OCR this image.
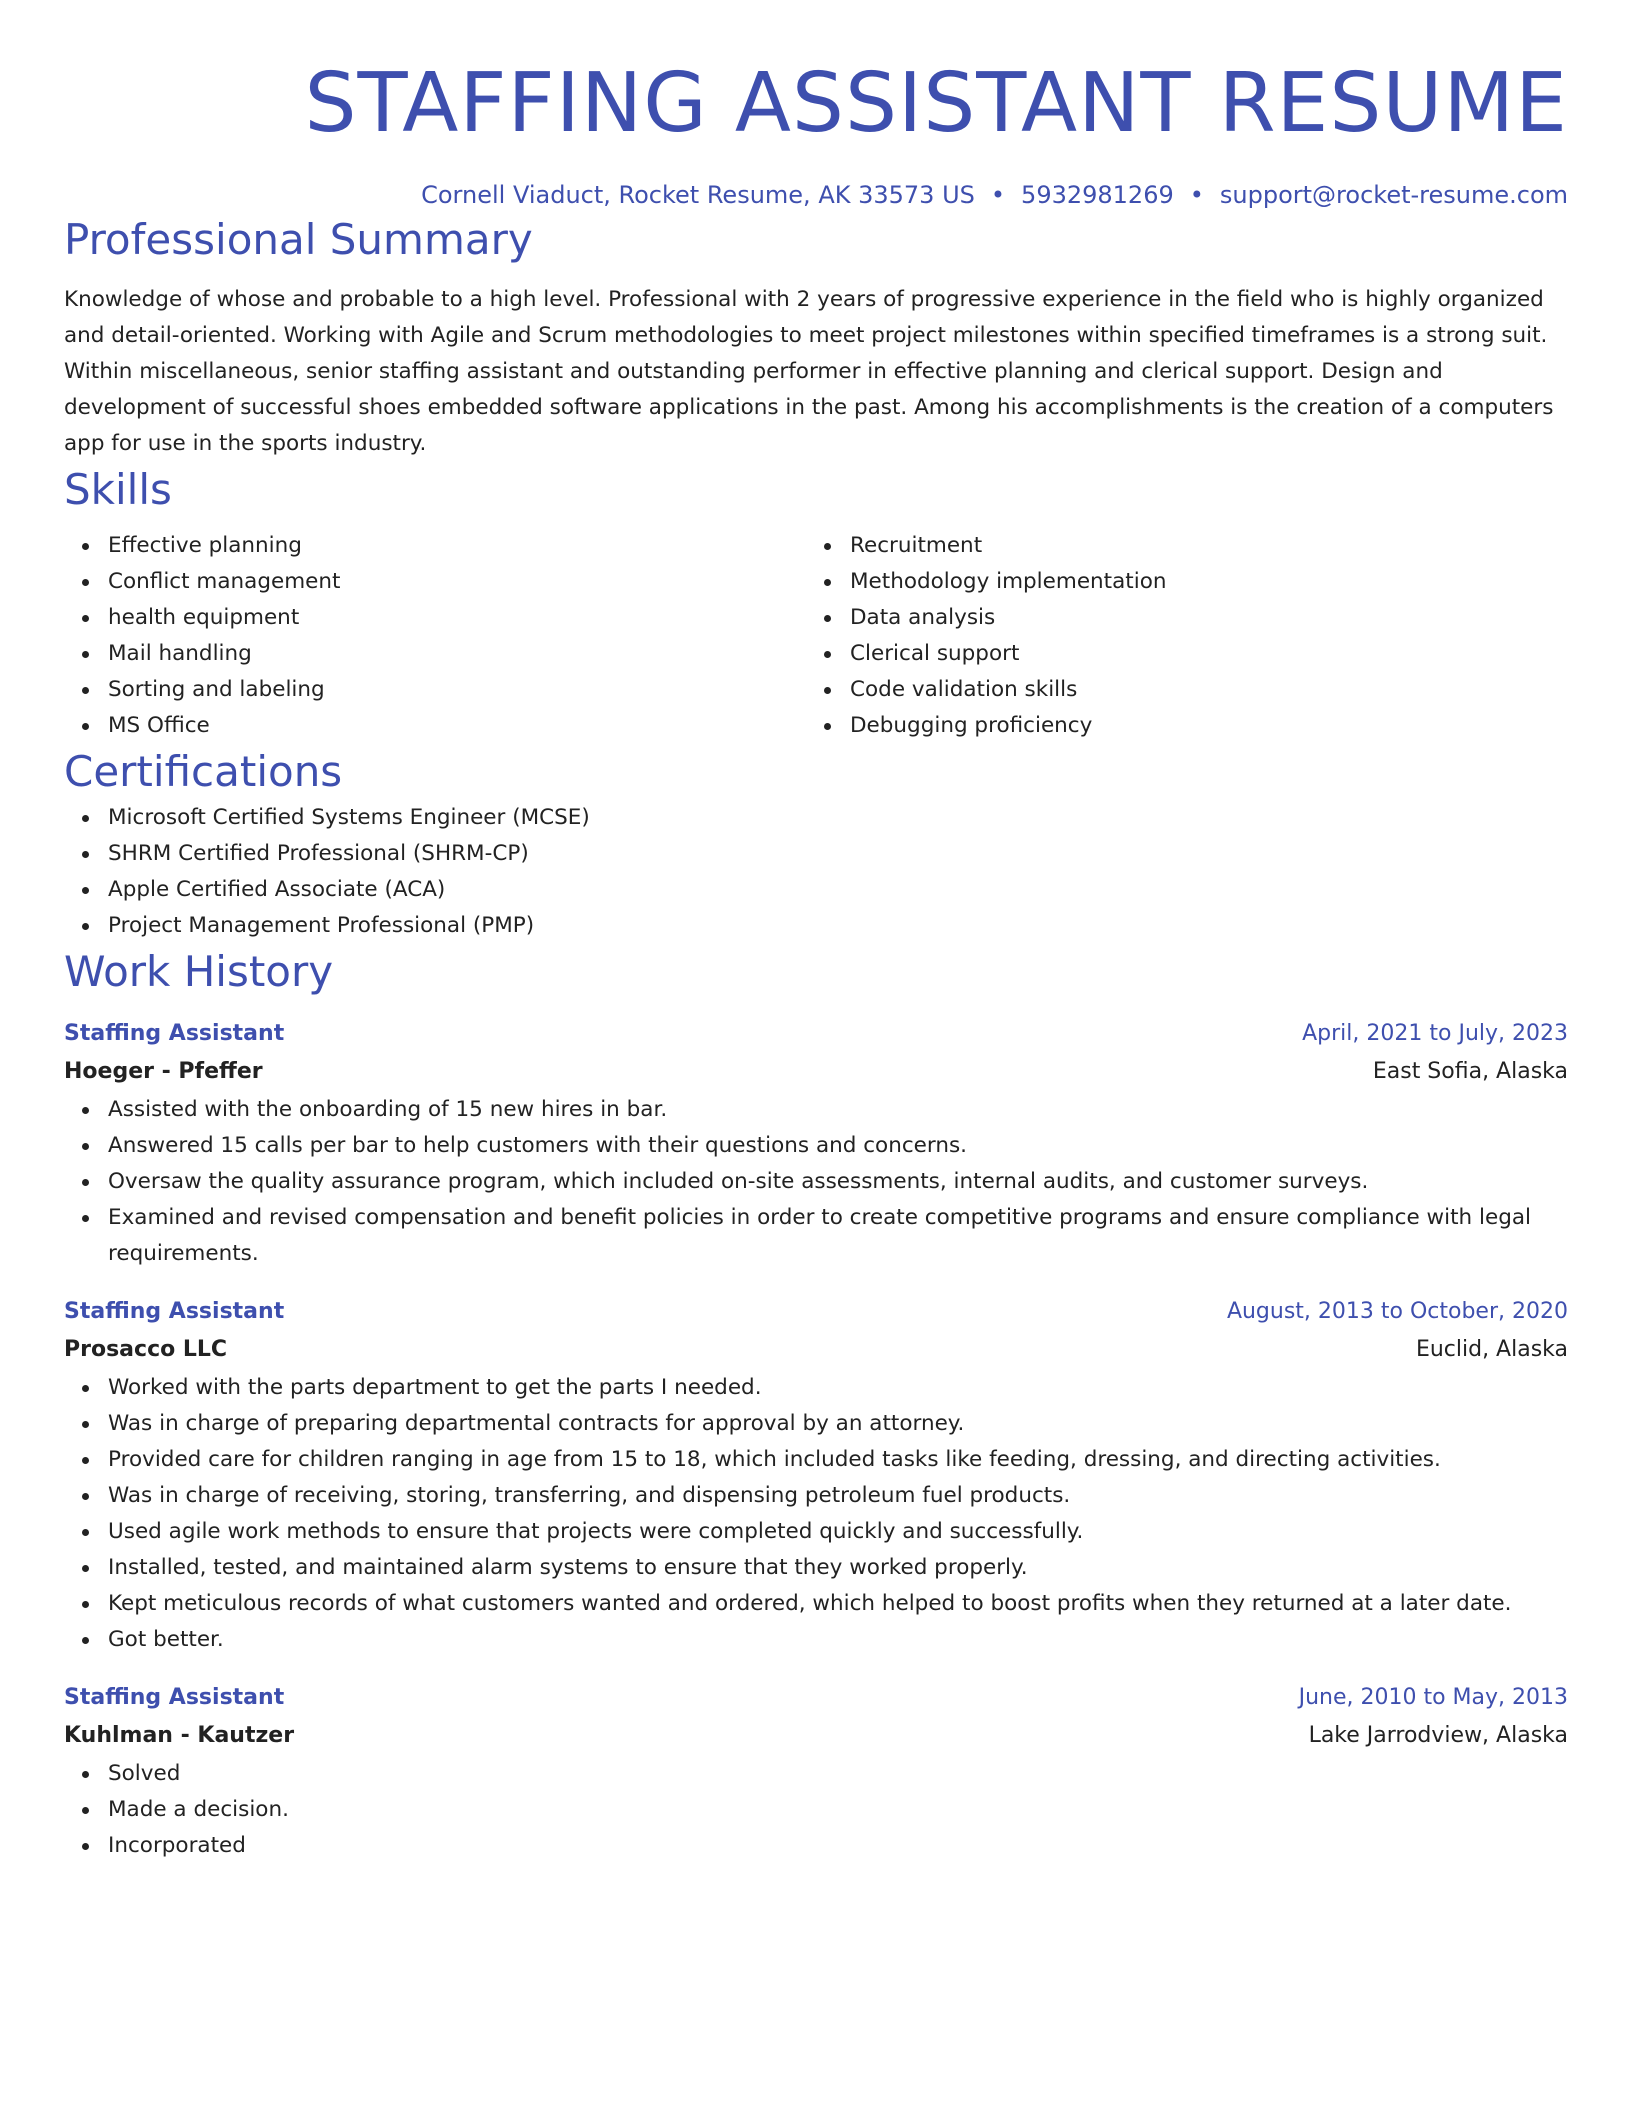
STAFFING ASSISTANT RESUME
Cornell Viaduct, Rocket Resume, AK 33573 US • 5932981269 • support@rocket-resume.com
Professional Summary

Knowledge of whose and probable to a high level. Professional with 2 years of progressive experience in the field who is highly organized and detail-oriented. Working with Agile and Scrum methodologies to meet project milestones within specified timeframes is a strong suit. Within miscellaneous, senior staffing assistant and outstanding performer in effective planning and clerical support. Design and development of successful shoes embedded software applications in the past. Among his accomplishments is the creation of a computers app for use in the sports industry.

Skills
Effective planning
Conflict management
health equipment
Mail handling
Sorting and labeling
MS Office
Recruitment
Methodology implementation
Data analysis
Clerical support
Code validation skills
Debugging proficiency
Certifications
Microsoft Certified Systems Engineer (MCSE)
SHRM Certified Professional (SHRM-CP)
Apple Certified Associate (ACA)
Project Management Professional (PMP)
Work History
Staffing Assistant	April, 2021 to July, 2023
Hoeger - Pfeffer	East Sofia, Alaska
Assisted with the onboarding of 15 new hires in bar.
Answered 15 calls per bar to help customers with their questions and concerns.
Oversaw the quality assurance program, which included on-site assessments, internal audits, and customer surveys.
Examined and revised compensation and benefit policies in order to create competitive programs and ensure compliance with legal requirements.
Staffing Assistant	August, 2013 to October, 2020
Prosacco LLC	Euclid, Alaska
Worked with the parts department to get the parts I needed.
Was in charge of preparing departmental contracts for approval by an attorney.
Provided care for children ranging in age from 15 to 18, which included tasks like feeding, dressing, and directing activities.
Was in charge of receiving, storing, transferring, and dispensing petroleum fuel products.
Used agile work methods to ensure that projects were completed quickly and successfully.
Installed, tested, and maintained alarm systems to ensure that they worked properly.
Kept meticulous records of what customers wanted and ordered, which helped to boost profits when they returned at a later date.
Got better.
Staffing Assistant	June, 2010 to May, 2013
Kuhlman - Kautzer	Lake Jarrodview, Alaska
Solved
Made a decision.
Incorporated
